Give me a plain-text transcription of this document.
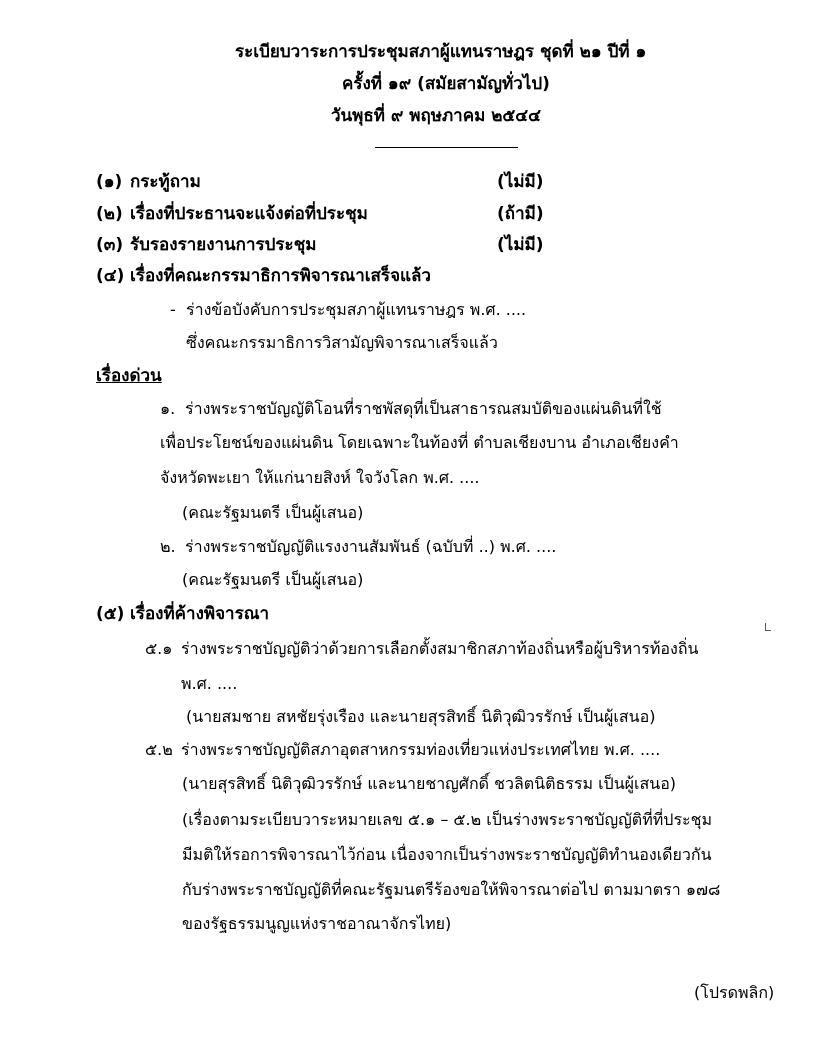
ระเบียบวาระการประชุมสภาผู้แทนราษฎร ชุดที่ ๒๑ ปีที่ ๑
ครั้งที่ ๑๙ (สมัยสามัญทั่วไป)
วันพุธที่ ๙ พฤษภาคม ๒๕๔๔
(๑) กระทู้ถาม	(ไม่มี)
(๒) เรื่องที่ประธานจะแจ้งต่อที่ประชุม	(ถ้ามี)
(๓) รับรองรายงานการประชุม	(ไม่มี)
(๔) เรื่องที่คณะกรรมาธิการพิจารณาเสร็จแล้ว
- ร่างข้อบังคับการประชุมสภาผู้แทนราษฎร พ.ศ. ....
ซึ่งคณะกรรมาธิการวิสามัญพิจารณาเสร็จแล้ว
เรื่องด่วน
๑. ร่างพระราชบัญญัติโอนที่ราชพัสดุที่เป็นสาธารณสมบัติของแผ่นดินที่ใช้
เพื่อประโยชน์ของแผ่นดิน โดยเฉพาะในท้องที่ ตำบลเชียงบาน อำเภอเชียงคำ
จังหวัดพะเยา ให้แก่นายสิงห์ ใจวังโลก พ.ศ. ....
(คณะรัฐมนตรี เป็นผู้เสนอ)
๒. ร่างพระราชบัญญัติแรงงานสัมพันธ์ (ฉบับที่ ..) พ.ศ. ....
(คณะรัฐมนตรี เป็นผู้เสนอ)
(๕) เรื่องที่ค้างพิจารณา
๕.๑ ร่างพระราชบัญญัติว่าด้วยการเลือกตั้งสมาชิกสภาท้องถิ่นหรือผู้บริหารท้องถิ่น
พ.ศ. ....
(นายสมชาย สหชัยรุ่งเรือง และนายสุรสิทธิ์ นิติวุฒิวรรักษ์ เป็นผู้เสนอ)
๕.๒ ร่างพระราชบัญญัติสภาอุตสาหกรรมท่องเที่ยวแห่งประเทศไทย พ.ศ. ....
(นายสุรสิทธิ์ นิติวุฒิวรรักษ์ และนายชาญศักดิ์ ชวลิตนิติธรรม เป็นผู้เสนอ)
(เรื่องตามระเบียบวาระหมายเลข ๕.๑ – ๕.๒ เป็นร่างพระราชบัญญัติที่ที่ประชุม
มีมติให้รอการพิจารณาไว้ก่อน เนื่องจากเป็นร่างพระราชบัญญัติทำนองเดียวกัน
กับร่างพระราชบัญญัติที่คณะรัฐมนตรีร้องขอให้พิจารณาต่อไป ตามมาตรา ๑๗๘
ของรัฐธรรมนูญแห่งราชอาณาจักรไทย)
(โปรดพลิก)
